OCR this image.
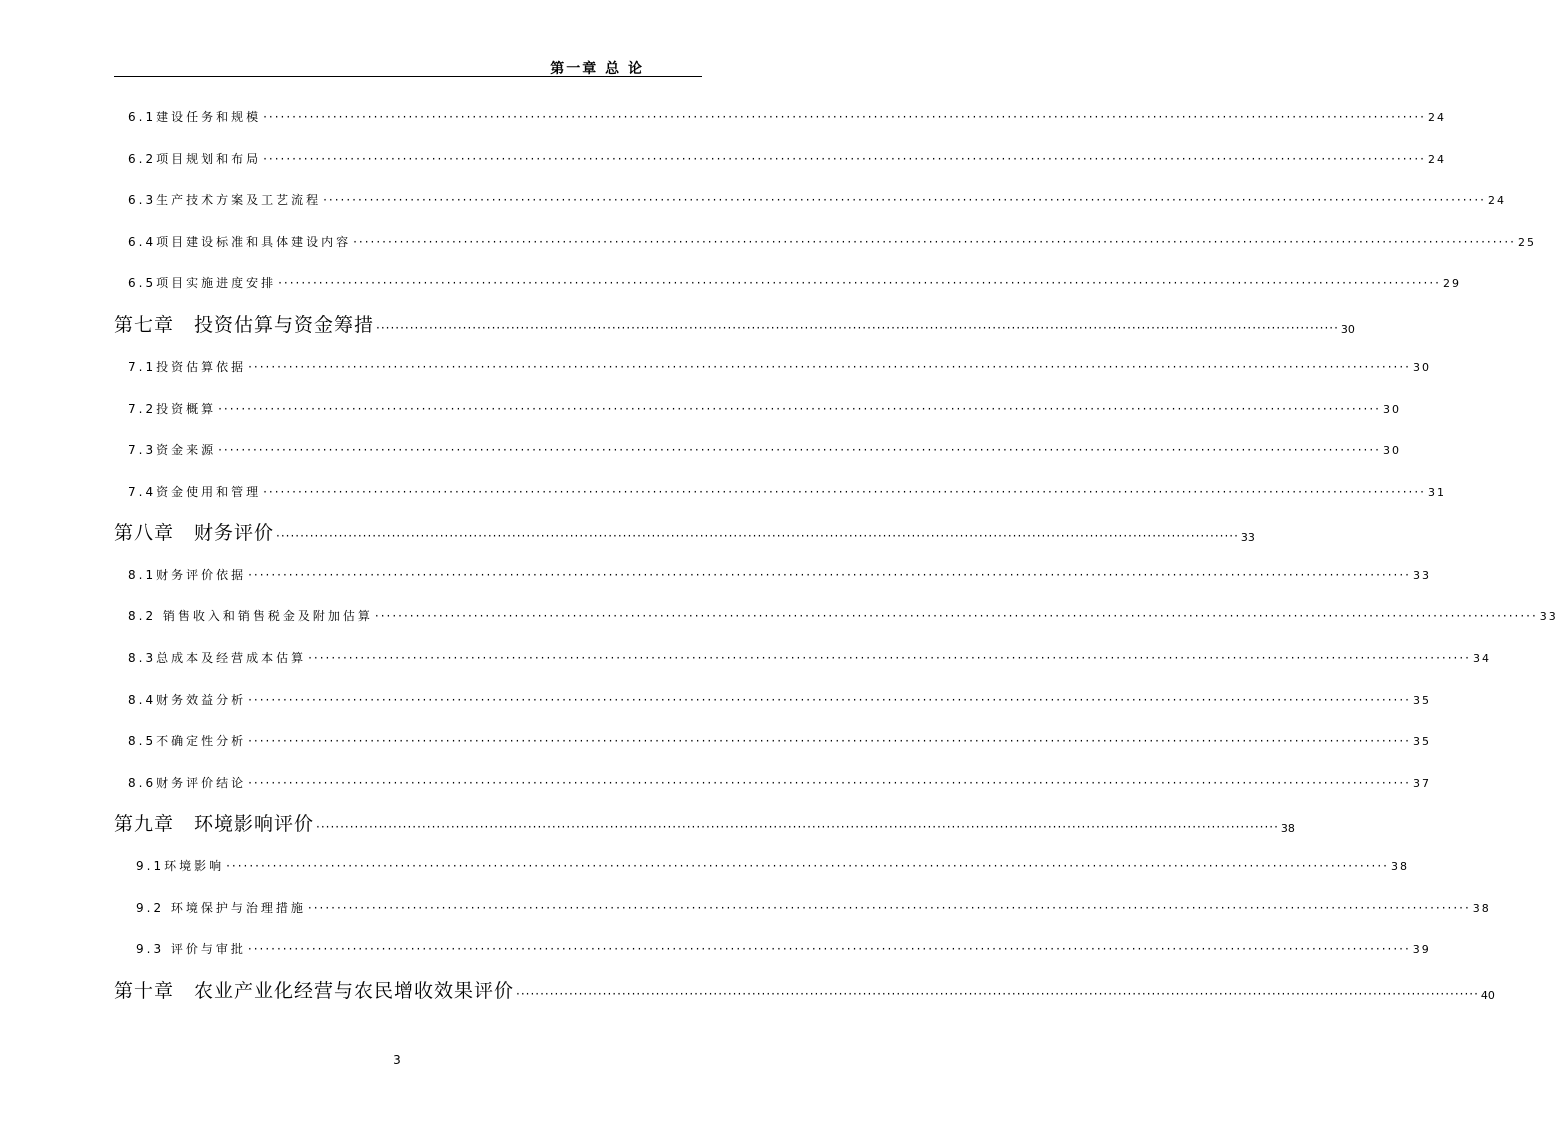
第一章 总 论
6.1建设任务和规模 ········································································································································································································ 24
6.2项目规划和布局 ········································································································································································································ 24
6.3生产技术方案及工艺流程 ········································································································································································································ 24
6.4项目建设标准和具体建设内容 ········································································································································································································ 25
6.5项目实施进度安排 ········································································································································································································ 29
第七章　投资估算与资金筹措 ········································································································································································································ 30
7.1投资估算依据 ········································································································································································································ 30
7.2投资概算 ········································································································································································································ 30
7.3资金来源 ········································································································································································································ 30
7.4资金使用和管理 ········································································································································································································ 31
第八章　财务评价 ········································································································································································································ 33
8.1财务评价依据 ········································································································································································································ 33
8.2 销售收入和销售税金及附加估算 ········································································································································································································ 33
8.3总成本及经营成本估算 ········································································································································································································ 34
8.4财务效益分析 ········································································································································································································ 35
8.5不确定性分析 ········································································································································································································ 35
8.6财务评价结论 ········································································································································································································ 37
第九章　环境影响评价 ········································································································································································································ 38
9.1环境影响 ········································································································································································································ 38
9.2 环境保护与治理措施 ········································································································································································································ 38
9.3 评价与审批 ········································································································································································································ 39
第十章　农业产业化经营与农民增收效果评价 ········································································································································································································ 40
3
